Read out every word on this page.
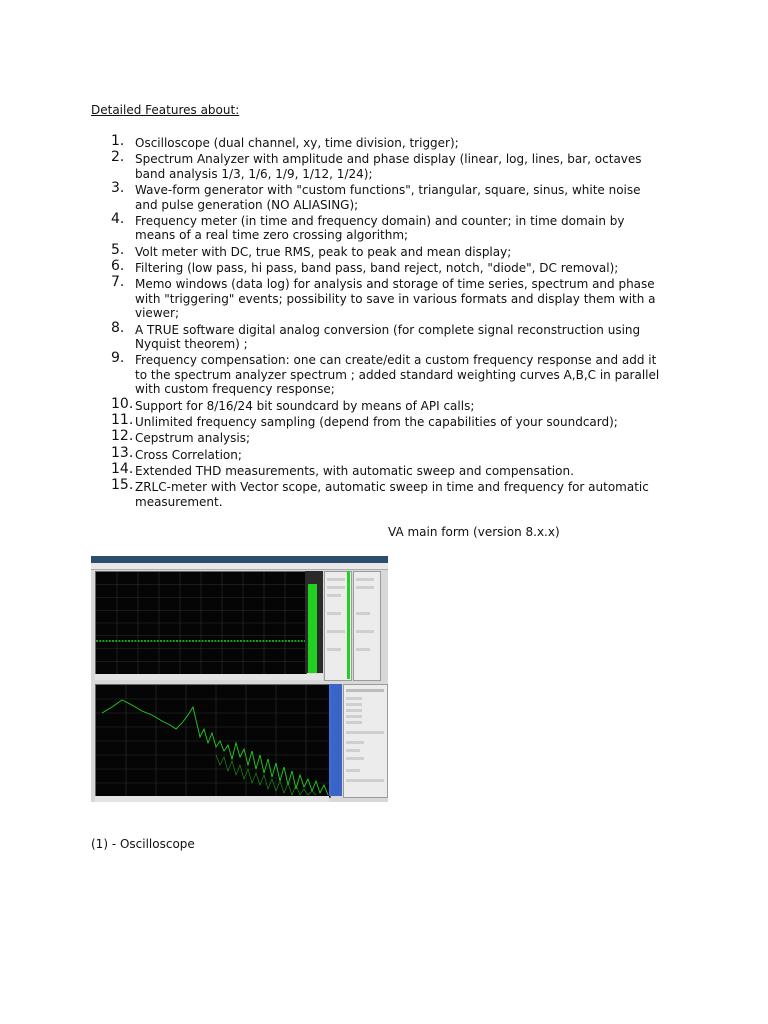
Detailed Features about:
1. Oscilloscope (dual channel, xy, time division, trigger);
2. Spectrum Analyzer with amplitude and phase display (linear, log, lines, bar, octaves band analysis 1/3, 1/6, 1/9, 1/12, 1/24);
3. Wave-form generator with "custom functions", triangular, square, sinus, white noise and pulse generation (NO ALIASING);
4. Frequency meter (in time and frequency domain) and counter; in time domain by means of a real time zero crossing algorithm;
5. Volt meter with DC, true RMS, peak to peak and mean display;
6. Filtering (low pass, hi pass, band pass, band reject, notch, "diode", DC removal);
7. Memo windows (data log) for analysis and storage of time series, spectrum and phase with "triggering" events; possibility to save in various formats and display them with a viewer;
8. A TRUE software digital analog conversion (for complete signal reconstruction using Nyquist theorem) ;
9. Frequency compensation: one can create/edit a custom frequency response and add it to the spectrum analyzer spectrum ; added standard weighting curves A,B,C in parallel with custom frequency response;
10. Support for 8/16/24 bit soundcard by means of API calls;
11. Unlimited frequency sampling (depend from the capabilities of your soundcard);
12. Cepstrum analysis;
13. Cross Correlation;
14. Extended THD measurements, with automatic sweep and compensation.
15. ZRLC-meter with Vector scope, automatic sweep in time and frequency for automatic measurement.
VA main form (version 8.x.x)
(1) - Oscilloscope
